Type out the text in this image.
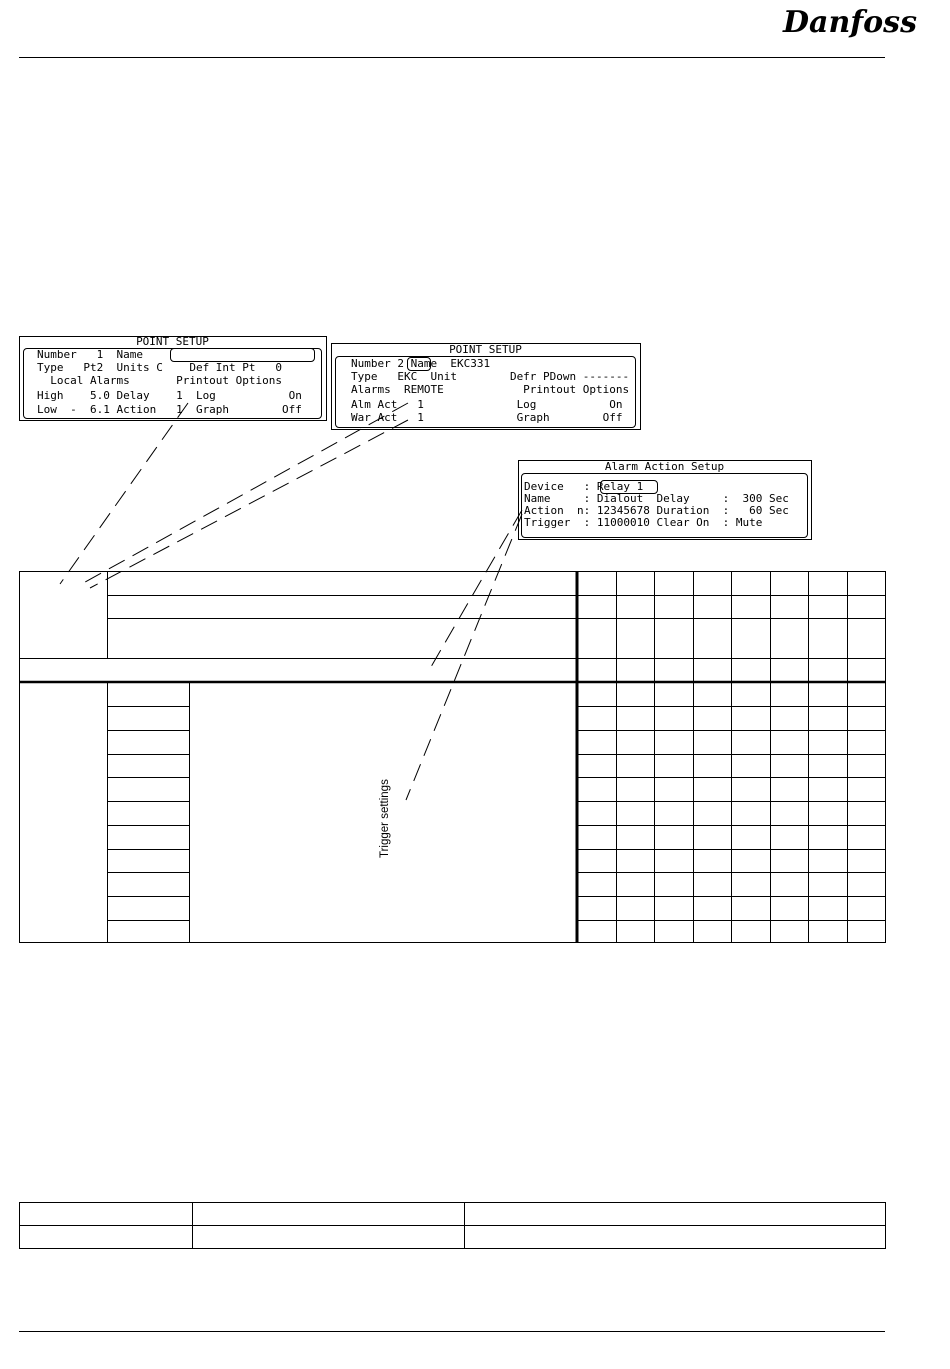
Danfoss
POINT SETUP
Number   1  Name
Type   Pt2  Units C    Def Int Pt   0
Local Alarms       Printout Options
High    5.0 Delay    1  Log           On
Low  -  6.1 Action   1  Graph        Off
POINT SETUP
Number 2 Name  EKC331
Type   EKC  Unit        Defr PDown -------
Alarms  REMOTE            Printout Options
Alm Act   1              Log           On
War Act   1              Graph        Off
Alarm Action Setup
Device   : Relay 1
Name     : Dialout  Delay     :  300 Sec
Action  n: 12345678 Duration  :   60 Sec
Trigger  : 11000010 Clear On  : Mute
Trigger settings
